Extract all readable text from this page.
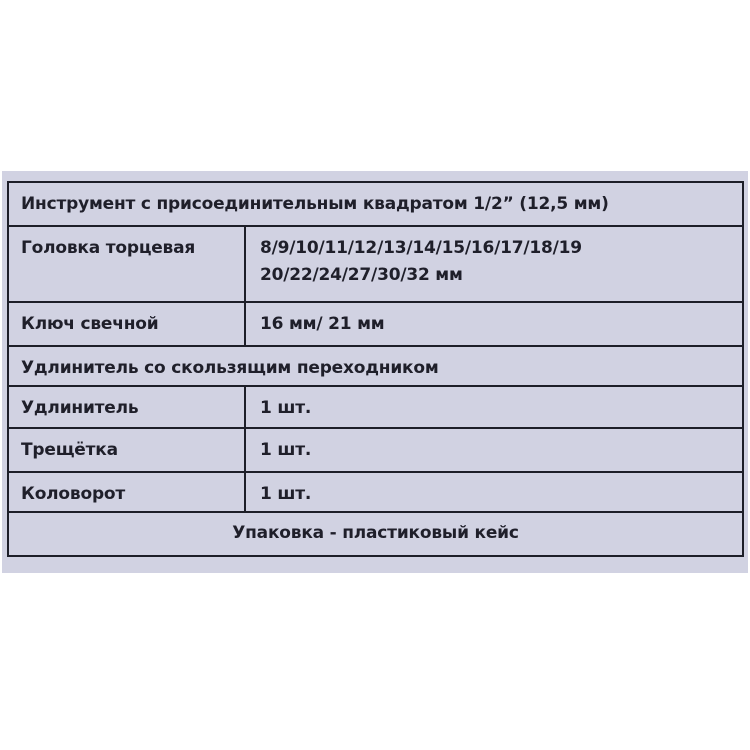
Инструмент с присоединительным квадратом 1/2” (12,5 мм)	

Головка торцевая	8/9/10/11/12/13/14/15/16/17/18/19
20/22/24/27/30/32 мм

Ключ свечной	16 мм/ 21 мм

Удлинитель со скользящим переходником	

Удлинитель	1 шт.

Трещётка	1 шт.

Коловорот	1 шт.

Упаковка - пластиковый кейс	
